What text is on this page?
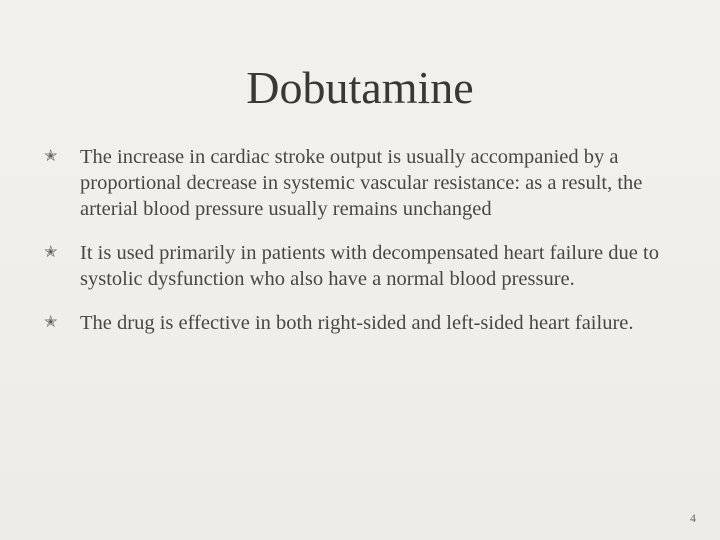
Dobutamine
✭ The increase in cardiac stroke output is usually accompanied by a proportional decrease in systemic vascular resistance: as a result, the arterial blood pressure usually remains unchanged
✭ It is used primarily in patients with decompensated heart failure due to systolic dysfunction who also have a normal blood pressure.
✭ The drug is effective in both right-sided and left-sided heart failure.
4
